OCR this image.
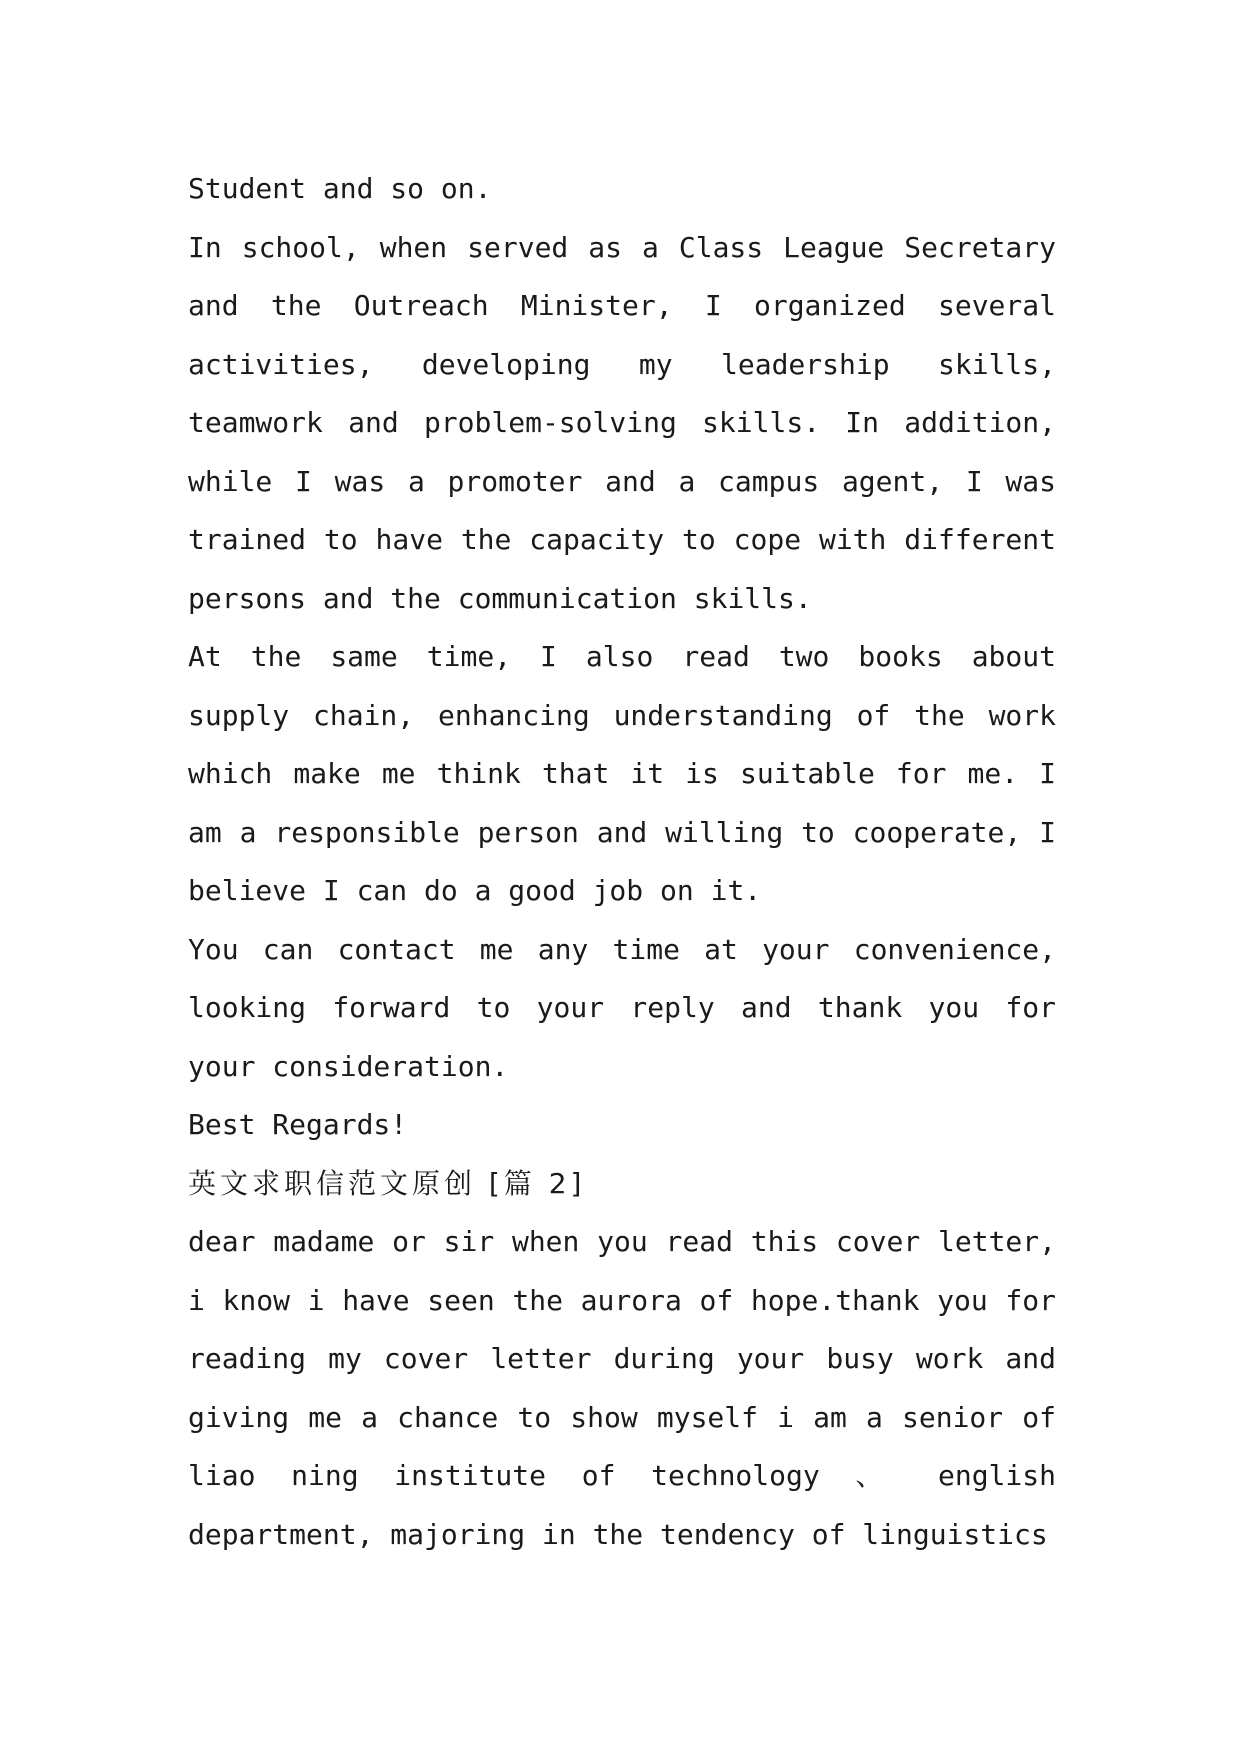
Student and so on.

In school, when served as a Class League Secretary and the Outreach Minister, I organized several activities, developing my leadership skills, teamwork and problem-solving skills. In addition, while I was a promoter and a campus agent, I was trained to have the capacity to cope with different persons and the communication skills.

At the same time, I also read two books about supply chain, enhancing understanding of the work which make me think that it is suitable for me. I am a responsible person and willing to cooperate, I believe I can do a good job on it.

You can contact me any time at your convenience, looking forward to your reply and thank you for your consideration.

Best Regards!

英文求职信范文原创 [篇 2]

dear madame or sir when you read this cover letter, i know i have seen the aurora of hope.thank you for reading my cover letter during your busy work and giving me a chance to show myself i am a senior of liao ning institute of technology 、 english department, majoring in the tendency of linguistics
